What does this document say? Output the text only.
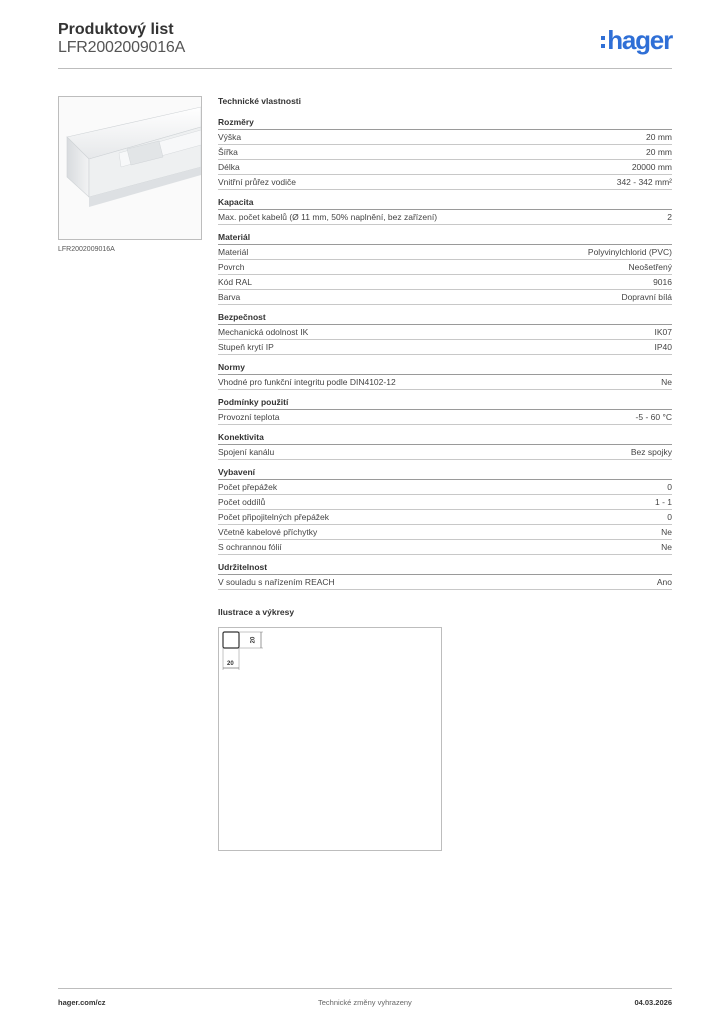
Produktový list
LFR2002009016A	hager
LFR2002009016A
Technické vlastnosti
Rozměry
Výška	20 mm
Šířka	20 mm
Délka	20000 mm
Vnitřní průřez vodiče	342 - 342 mm²
Kapacita
Max. počet kabelů (Ø 11 mm, 50% naplnění, bez zařízení)	2
Materiál
Materiál	Polyvinylchlorid (PVC)
Povrch	Neošetřený
Kód RAL	9016
Barva	Dopravní bílá
Bezpečnost
Mechanická odolnost IK	IK07
Stupeň krytí IP	IP40
Normy
Vhodné pro funkční integritu podle DIN4102-12	Ne
Podmínky použití
Provozní teplota	-5 - 60 °C
Konektivita
Spojení kanálu	Bez spojky
Vybavení
Počet přepážek	0
Počet oddílů	1 - 1
Počet připojitelných přepážek	0
Včetně kabelové příchytky	Ne
S ochrannou fólií	Ne
Udržitelnost
V souladu s nařízením REACH	Ano
Ilustrace a výkresy
20
20
hager.com/cz	Technické změny vyhrazeny	04.03.2026
